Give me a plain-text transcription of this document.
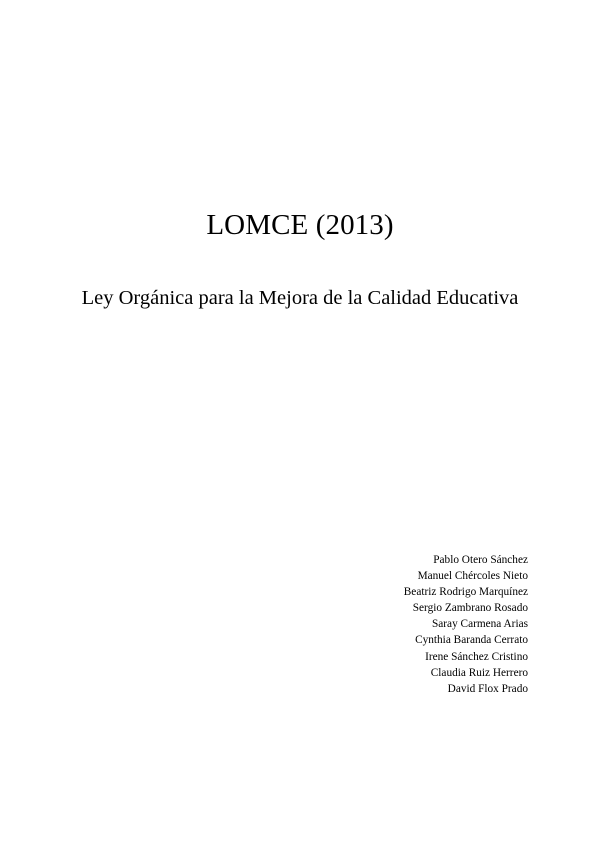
LOMCE (2013)
Ley Orgánica para la Mejora de la Calidad Educativa
Pablo Otero Sánchez
Manuel Chércoles Nieto
Beatriz Rodrigo Marquínez
Sergio Zambrano Rosado
Saray Carmena Arias
Cynthia Baranda Cerrato
Irene Sánchez Cristino
Claudia Ruiz Herrero
David Flox Prado
